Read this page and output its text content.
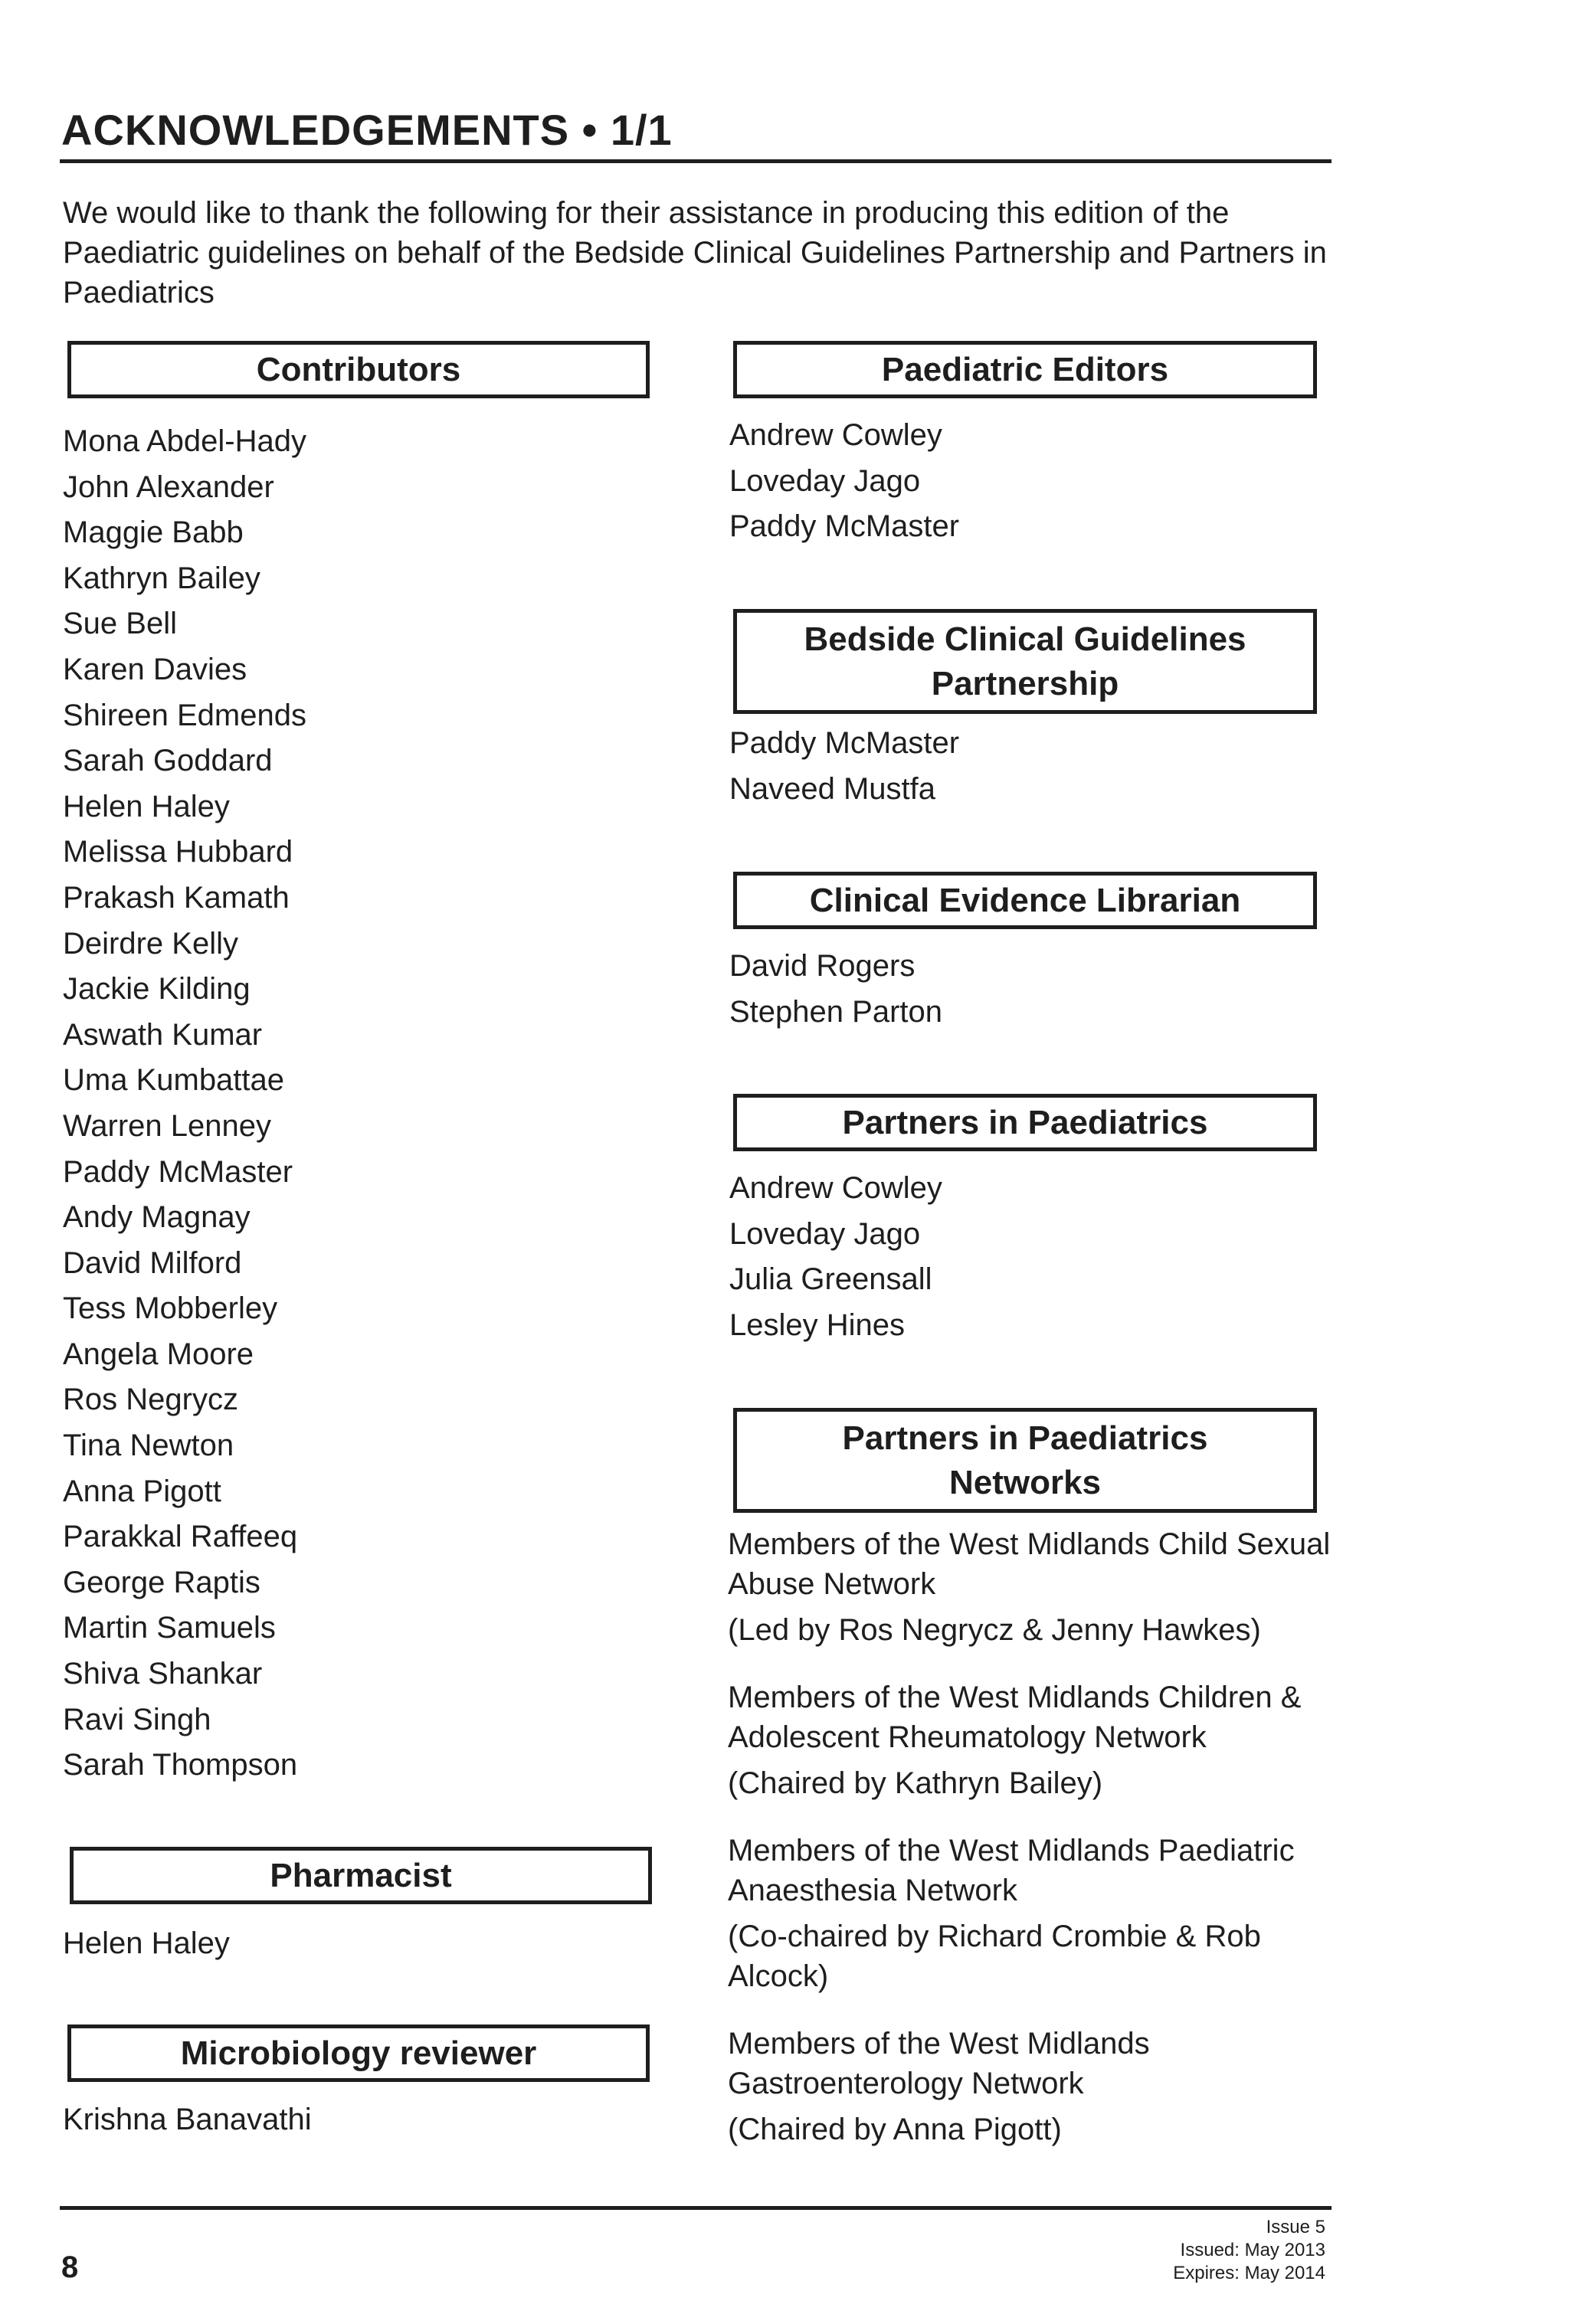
ACKNOWLEDGEMENTS • 1/1
We would like to thank the following for their assistance in producing this edition of the Paediatric guidelines on behalf of the Bedside Clinical Guidelines Partnership and Partners in Paediatrics
Contributors
Mona Abdel-Hady
John Alexander
Maggie Babb
Kathryn Bailey
Sue Bell
Karen Davies
Shireen Edmends
Sarah Goddard
Helen Haley
Melissa Hubbard
Prakash Kamath
Deirdre Kelly
Jackie Kilding
Aswath Kumar
Uma Kumbattae
Warren Lenney
Paddy McMaster
Andy Magnay
David Milford
Tess Mobberley
Angela Moore
Ros Negrycz
Tina Newton
Anna Pigott
Parakkal Raffeeq
George Raptis
Martin Samuels
Shiva Shankar
Ravi Singh
Sarah Thompson
Pharmacist
Helen Haley
Microbiology reviewer
Krishna Banavathi
Paediatric Editors
Andrew Cowley
Loveday Jago
Paddy McMaster
Bedside Clinical Guidelines
Partnership
Paddy McMaster
Naveed Mustfa
Clinical Evidence Librarian
David Rogers
Stephen Parton
Partners in Paediatrics
Andrew Cowley
Loveday Jago
Julia Greensall
Lesley Hines
Partners in Paediatrics
Networks
Members of the West Midlands Child Sexual Abuse Network
(Led by Ros Negrycz & Jenny Hawkes)
Members of the West Midlands Children & Adolescent Rheumatology Network
(Chaired by Kathryn Bailey)
Members of the West Midlands Paediatric Anaesthesia Network
(Co-chaired by Richard Crombie & Rob Alcock)
Members of the West Midlands Gastroenterology Network
(Chaired by Anna Pigott)
8
Issue 5
Issued: May 2013
Expires: May 2014
